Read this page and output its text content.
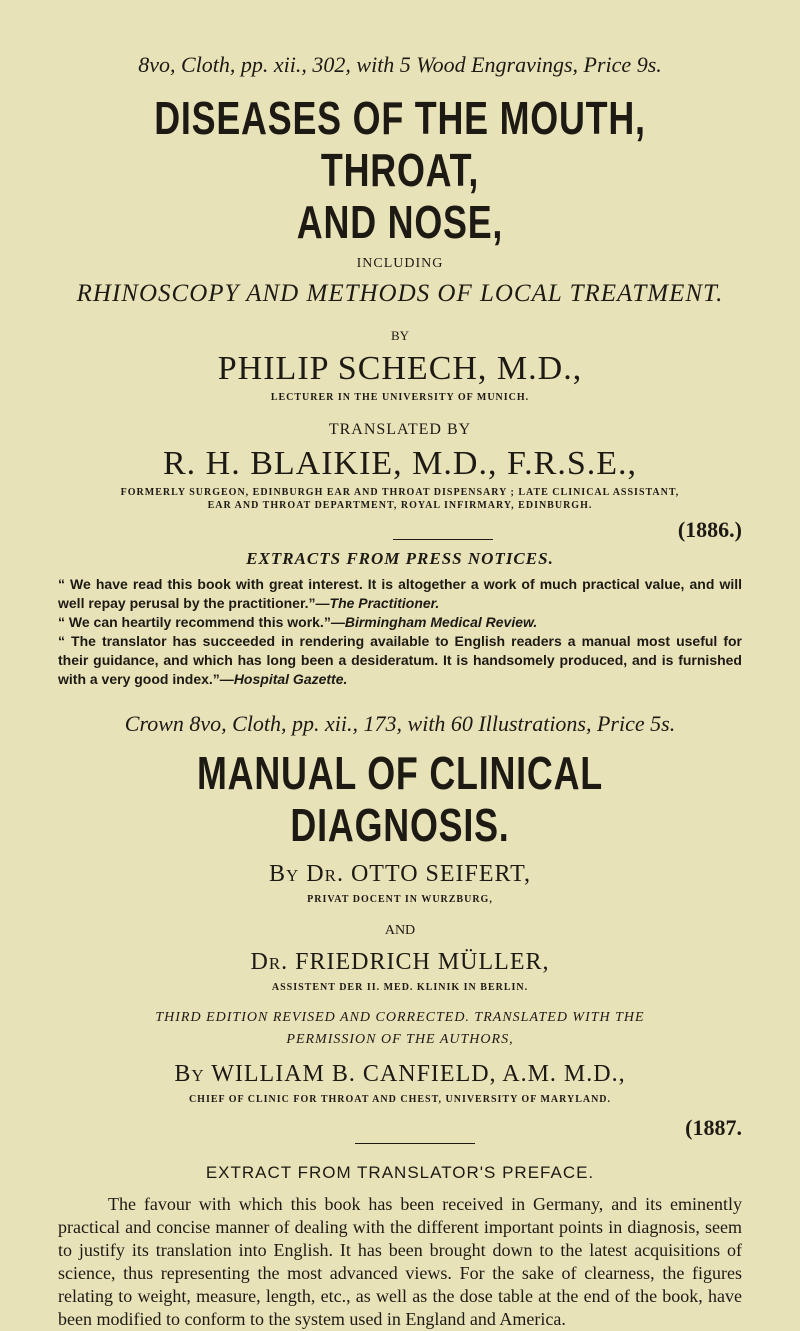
8vo, Cloth, pp. xii., 302, with 5 Wood Engravings, Price 9s.

DISEASES OF THE MOUTH, THROAT,

AND NOSE,

INCLUDING

RHINOSCOPY AND METHODS OF LOCAL TREATMENT.

BY

PHILIP SCHECH, M.D.,

LECTURER IN THE UNIVERSITY OF MUNICH.

TRANSLATED BY

R. H. BLAIKIE, M.D., F.R.S.E.,

FORMERLY SURGEON, EDINBURGH EAR AND THROAT DISPENSARY ; LATE CLINICAL ASSISTANT,

EAR AND THROAT DEPARTMENT, ROYAL INFIRMARY, EDINBURGH.

(1886.)

EXTRACTS FROM PRESS NOTICES.

“ We have read this book with great interest. It is altogether a work of much practical value, and will well repay perusal by the practitioner.”—The Practitioner.

“ We can heartily recommend this work.”—Birmingham Medical Review.

“ The translator has succeeded in rendering available to English readers a manual most useful for their guidance, and which has long been a desideratum. It is handsomely produced, and is furnished with a very good index.”—Hospital Gazette.

Crown 8vo, Cloth, pp. xii., 173, with 60 Illustrations, Price 5s.

MANUAL OF CLINICAL DIAGNOSIS.

By Dr. OTTO SEIFERT,

PRIVAT DOCENT IN WURZBURG,

AND

Dr. FRIEDRICH MÜLLER,

ASSISTENT DER II. MED. KLINIK IN BERLIN.

THIRD EDITION REVISED AND CORRECTED. TRANSLATED WITH THE
PERMISSION OF THE AUTHORS,

By WILLIAM B. CANFIELD, A.M. M.D.,

CHIEF OF CLINIC FOR THROAT AND CHEST, UNIVERSITY OF MARYLAND.

(1887.

EXTRACT FROM TRANSLATOR'S PREFACE.

The favour with which this book has been received in Germany, and its eminently practical and concise manner of dealing with the different important points in diagnosis, seem to justify its translation into English. It has been brought down to the latest acquisitions of science, thus representing the most advanced views. For the sake of clearness, the figures relating to weight, measure, length, etc., as well as the dose table at the end of the book, have been modified to conform to the system used in England and America.
